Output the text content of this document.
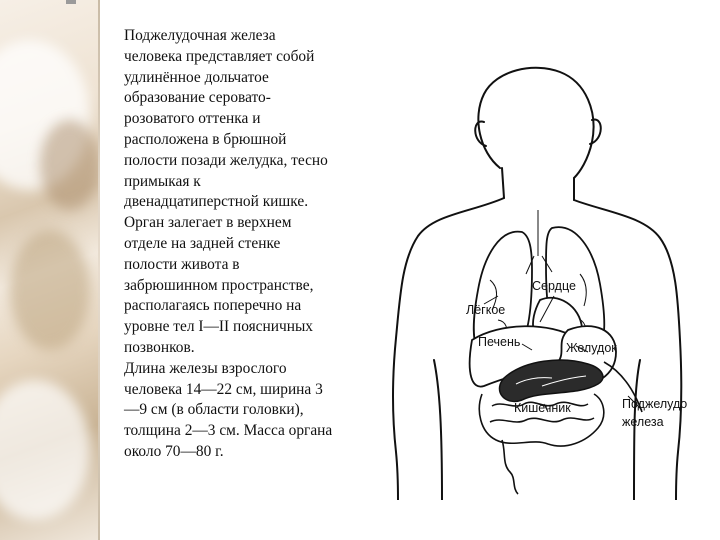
Поджелудочная железа
человека представляет собой
удлинённое дольчатое
образование серовато-
розоватого оттенка и
расположена в брюшной
полости позади желудка, тесно
примыкая к
двенадцатиперстной кишке.
Орган залегает в верхнем
отделе на задней стенке
полости живота в
забрюшинном пространстве,
располагаясь поперечно на
уровне тел I—II поясничных
позвонков.
Длина железы взрослого
человека 14—22 см, ширина 3
—9 см (в области головки),
толщина 2—3 см. Масса органа
около 70—80 г.

Сердце
Лёгкое
Печень	Желудок
Кишечник	Поджелудо
железа
